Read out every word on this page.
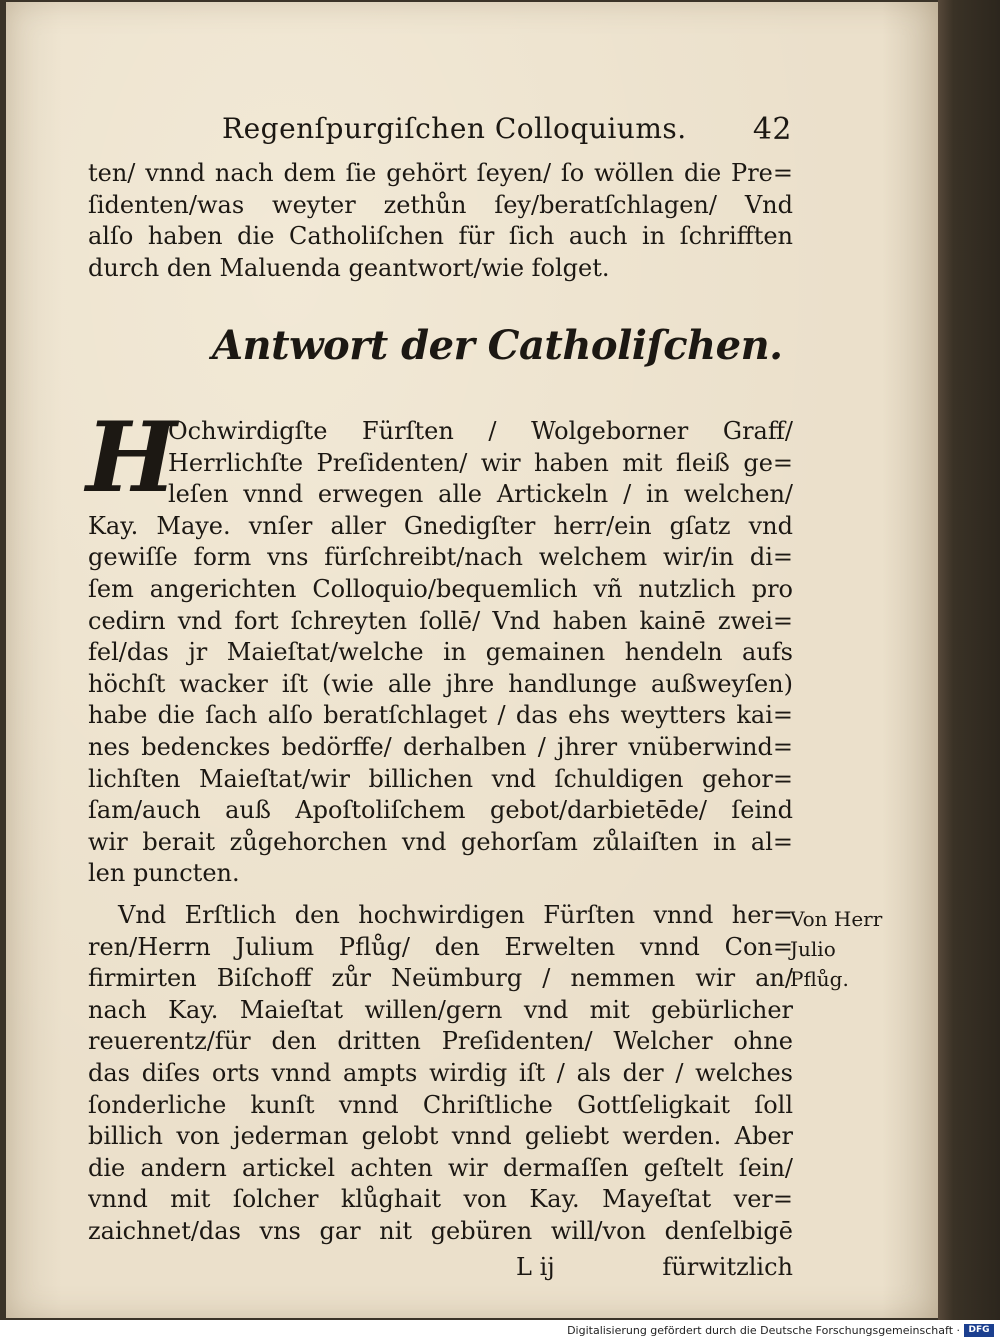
Regenſpurgiſchen Colloquiums. 42
ten/ vnnd nach dem ſie gehört ſeyen/ ſo wöllen die Pre=
ſidenten/was weyter zethůn ſey/beratſchlagen/ Vnd
alſo haben die Catholiſchen für ſich auch in ſchrifften
durch den Maluenda geantwort/wie folget.
Antwort der Catholiſchen.
H
Ochwirdigſte Fürſten / Wolgeborner Graff/
Herrlichſte Preſidenten/ wir haben mit fleiß ge=
leſen vnnd erwegen alle Artickeln / in welchen/
Kay. Maye. vnſer aller Gnedigſter herr/ein gſatz vnd
gewiſſe form vns fürſchreibt/nach welchem wir/in di=
ſem angerichten Colloquio/bequemlich vñ nutzlich pro
cedirn vnd fort ſchreyten ſollē/ Vnd haben kainē zwei=
fel/das jr Maieſtat/welche in gemainen hendeln aufs
höchſt wacker iſt (wie alle jhre handlunge außweyſen)
habe die ſach alſo beratſchlaget / das ehs weytters kai=
nes bedenckes bedörffe/ derhalben / jhrer vnüberwind=
lichſten Maieſtat/wir billichen vnd ſchuldigen gehor=
ſam/auch auß Apoſtoliſchem gebot/darbietēde/ ſeind
wir berait zůgehorchen vnd gehorſam zůlaiſten in al=
len puncten.
Vnd Erſtlich den hochwirdigen Fürſten vnnd her=
ren/Herrn Julium Pflůg/ den Erwelten vnnd Con=
firmirten Biſchoff zůr Neümburg / nemmen wir an/
nach Kay. Maieſtat willen/gern vnd mit gebürlicher
reuerentz/für den dritten Preſidenten/ Welcher ohne
das diſes orts vnnd ampts wirdig iſt / als der / welches
ſonderliche kunſt vnnd Chriſtliche Gottſeligkait ſoll
billich von jederman gelobt vnnd geliebt werden. Aber
die andern artickel achten wir dermaſſen geſtelt ſein/
vnnd mit ſolcher klůghait von Kay. Mayeſtat ver=
zaichnet/das vns gar nit gebüren will/von denſelbigē
Von Herr
Julio
Pflůg.
L ij	fürwitzlich
Digitalisierung gefördert durch die Deutsche Forschungsgemeinschaft · DFG
